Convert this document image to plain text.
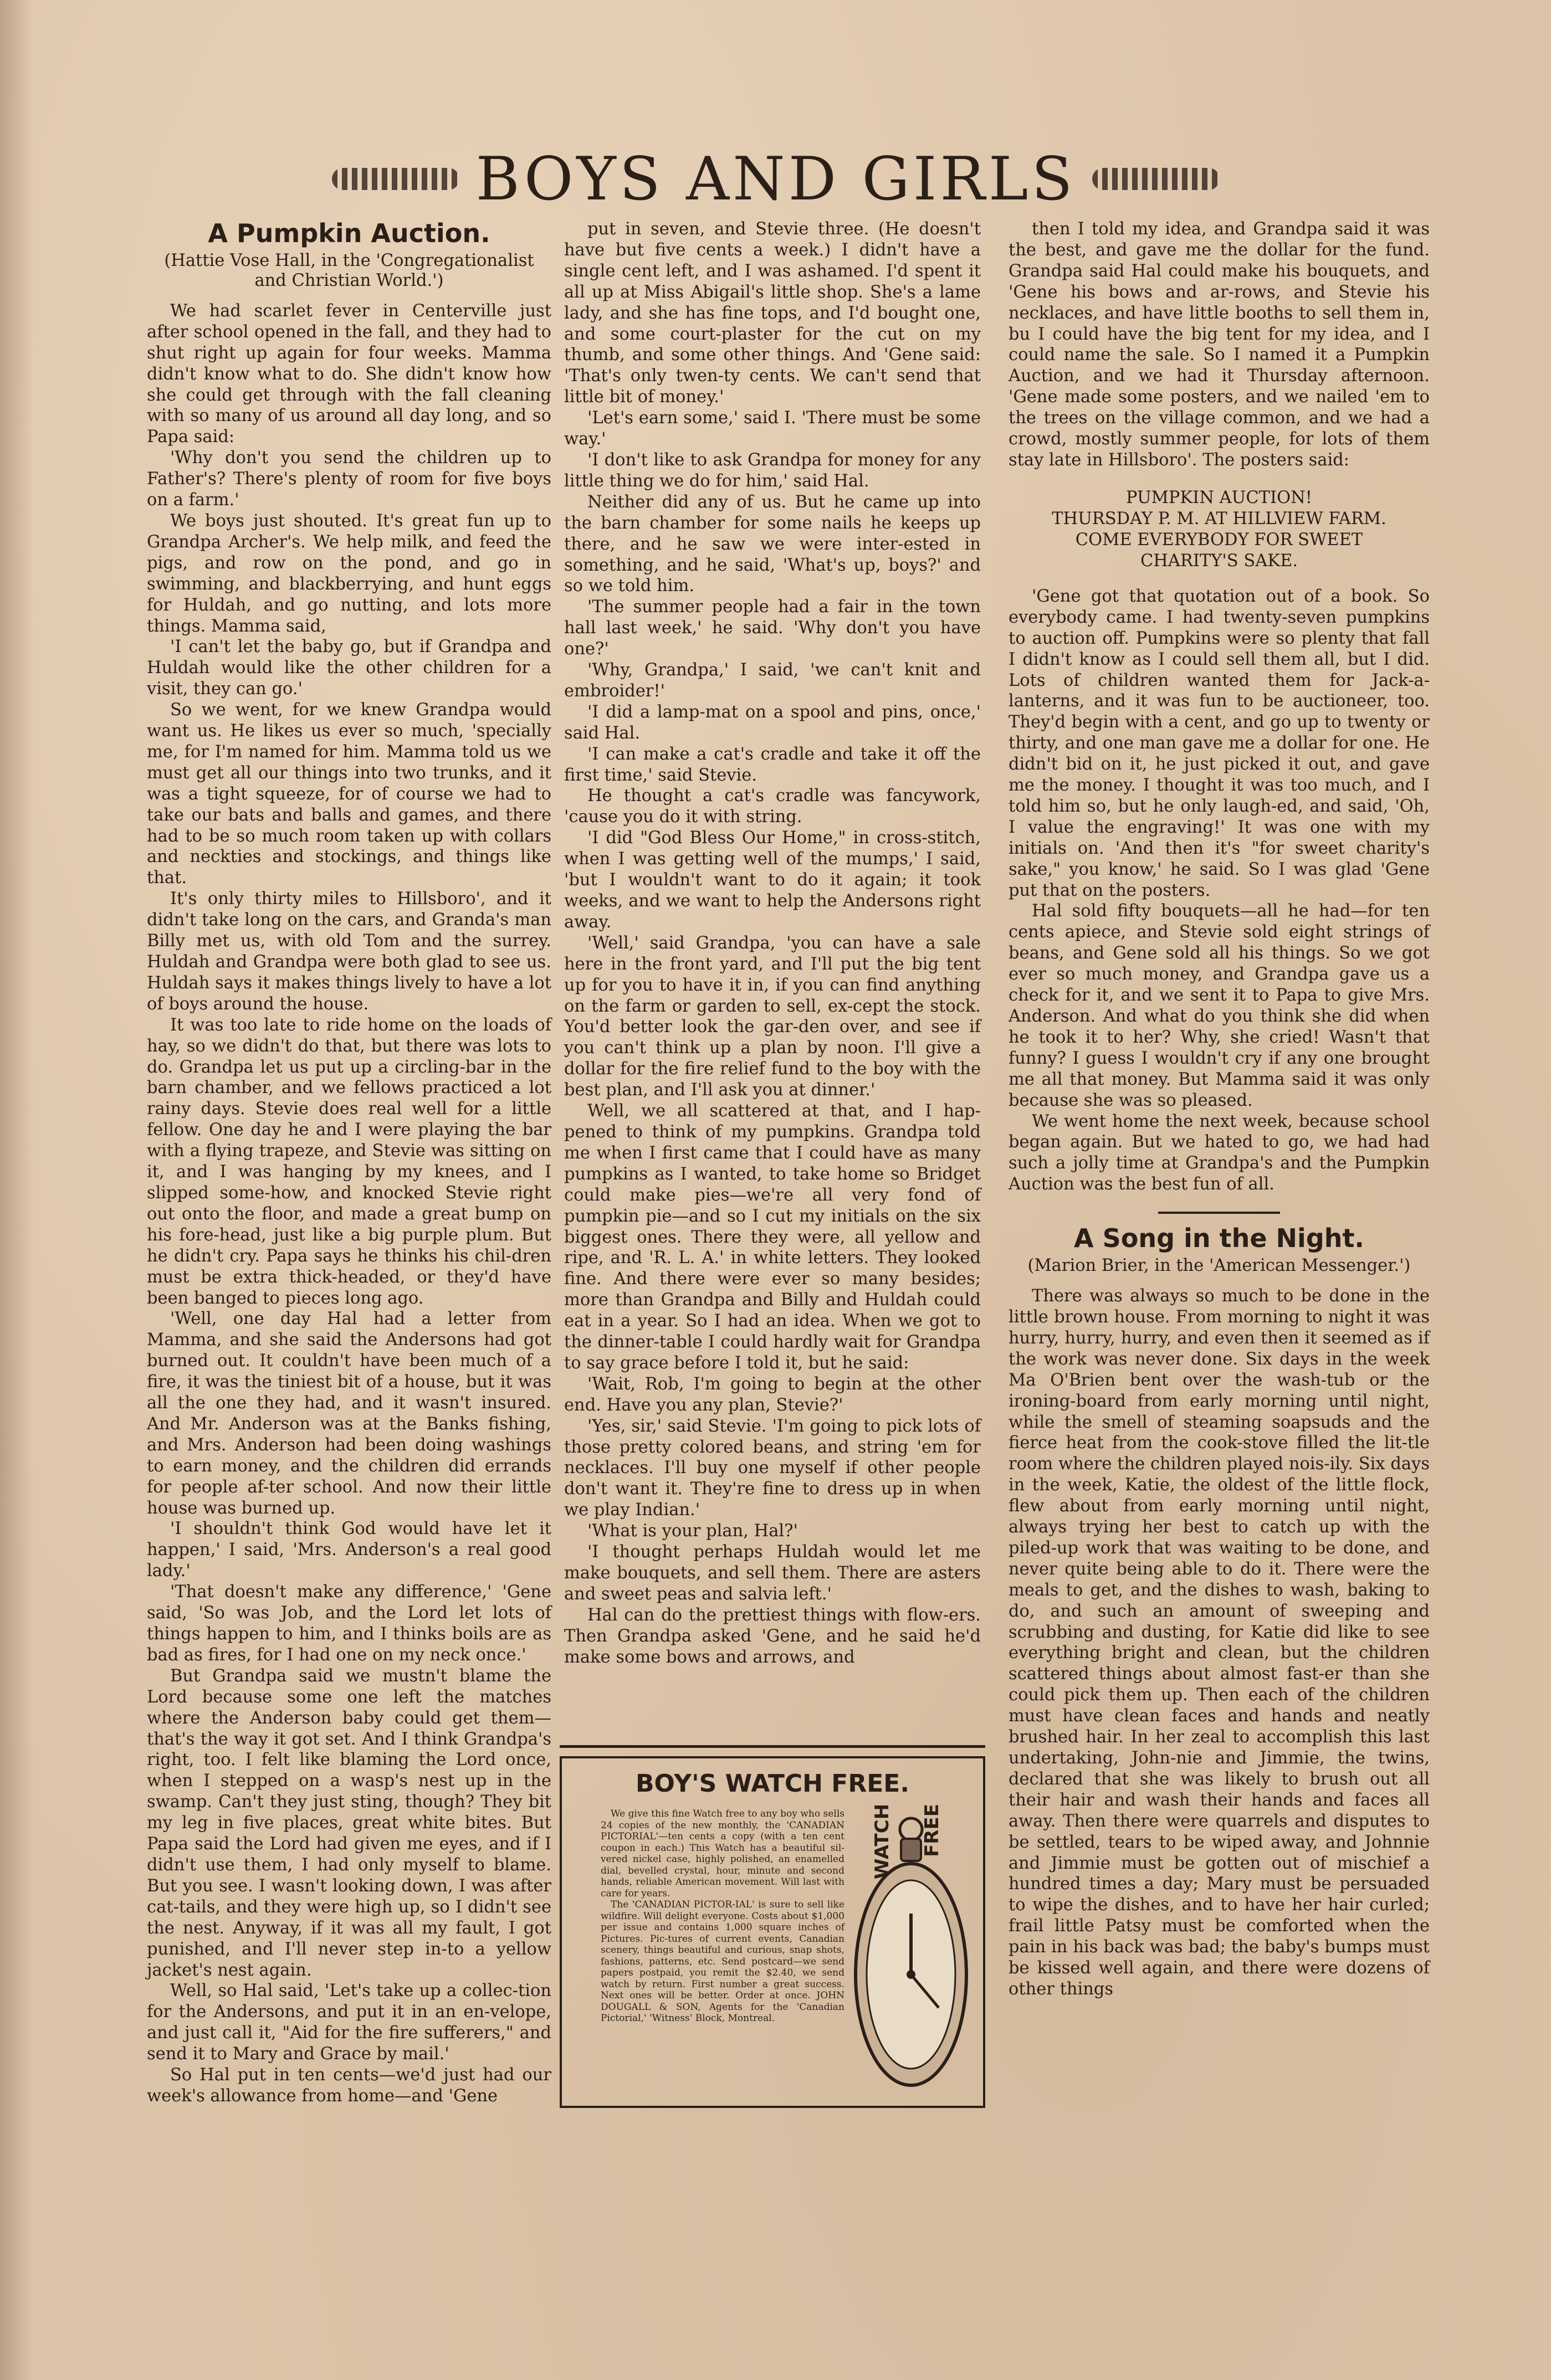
BOYS AND GIRLS
A Pumpkin Auction.
(Hattie Vose Hall, in the 'Congregationalist and Christian World.')

We had scarlet fever in Centerville just after school opened in the fall, and they had to shut right up again for four weeks. Mamma didn't know what to do. She didn't know how she could get through with the fall cleaning with so many of us around all day long, and so Papa said:

'Why don't you send the children up to Father's? There's plenty of room for five boys on a farm.'

We boys just shouted. It's great fun up to Grandpa Archer's. We help milk, and feed the pigs, and row on the pond, and go in swimming, and blackberrying, and hunt eggs for Huldah, and go nutting, and lots more things. Mamma said,

'I can't let the baby go, but if Grandpa and Huldah would like the other children for a visit, they can go.'

So we went, for we knew Grandpa would want us. He likes us ever so much, 'specially me, for I'm named for him. Mamma told us we must get all our things into two trunks, and it was a tight squeeze, for of course we had to take our bats and balls and games, and there had to be so much room taken up with collars and neckties and stockings, and things like that.

It's only thirty miles to Hillsboro', and it didn't take long on the cars, and Granda's man Billy met us, with old Tom and the surrey. Huldah and Grandpa were both glad to see us. Huldah says it makes things lively to have a lot of boys around the house.

It was too late to ride home on the loads of hay, so we didn't do that, but there was lots to do. Grandpa let us put up a circling-bar in the barn chamber, and we fellows practiced a lot rainy days. Stevie does real well for a little fellow. One day he and I were playing the bar with a flying trapeze, and Stevie was sitting on it, and I was hanging by my knees, and I slipped some-how, and knocked Stevie right out onto the floor, and made a great bump on his fore-head, just like a big purple plum. But he didn't cry. Papa says he thinks his chil-dren must be extra thick-headed, or they'd have been banged to pieces long ago.

'Well, one day Hal had a letter from Mamma, and she said the Andersons had got burned out. It couldn't have been much of a fire, it was the tiniest bit of a house, but it was all the one they had, and it wasn't insured. And Mr. Anderson was at the Banks fishing, and Mrs. Anderson had been doing washings to earn money, and the children did errands for people af-ter school. And now their little house was burned up.

'I shouldn't think God would have let it happen,' I said, 'Mrs. Anderson's a real good lady.'

'That doesn't make any difference,' 'Gene said, 'So was Job, and the Lord let lots of things happen to him, and I thinks boils are as bad as fires, for I had one on my neck once.'

But Grandpa said we mustn't blame the Lord because some one left the matches where the Anderson baby could get them—that's the way it got set. And I think Grandpa's right, too. I felt like blaming the Lord once, when I stepped on a wasp's nest up in the swamp. Can't they just sting, though? They bit my leg in five places, great white bites. But Papa said the Lord had given me eyes, and if I didn't use them, I had only myself to blame. But you see. I wasn't looking down, I was after cat-tails, and they were high up, so I didn't see the nest. Anyway, if it was all my fault, I got punished, and I'll never step in-to a yellow jacket's nest again.

Well, so Hal said, 'Let's take up a collec-tion for the Andersons, and put it in an en-velope, and just call it, "Aid for the fire sufferers," and send it to Mary and Grace by mail.'

So Hal put in ten cents—we'd just had our week's allowance from home—and 'Gene

put in seven, and Stevie three. (He doesn't have but five cents a week.) I didn't have a single cent left, and I was ashamed. I'd spent it all up at Miss Abigail's little shop. She's a lame lady, and she has fine tops, and I'd bought one, and some court-plaster for the cut on my thumb, and some other things. And 'Gene said: 'That's only twen-ty cents. We can't send that little bit of money.'

'Let's earn some,' said I. 'There must be some way.'

'I don't like to ask Grandpa for money for any little thing we do for him,' said Hal.

Neither did any of us. But he came up into the barn chamber for some nails he keeps up there, and he saw we were inter-ested in something, and he said, 'What's up, boys?' and so we told him.

'The summer people had a fair in the town hall last week,' he said. 'Why don't you have one?'

'Why, Grandpa,' I said, 'we can't knit and embroider!'

'I did a lamp-mat on a spool and pins, once,' said Hal.

'I can make a cat's cradle and take it off the first time,' said Stevie.

He thought a cat's cradle was fancywork, 'cause you do it with string.

'I did "God Bless Our Home," in cross-stitch, when I was getting well of the mumps,' I said, 'but I wouldn't want to do it again; it took weeks, and we want to help the Andersons right away.

'Well,' said Grandpa, 'you can have a sale here in the front yard, and I'll put the big tent up for you to have it in, if you can find anything on the farm or garden to sell, ex-cept the stock. You'd better look the gar-den over, and see if you can't think up a plan by noon. I'll give a dollar for the fire relief fund to the boy with the best plan, and I'll ask you at dinner.'

Well, we all scattered at that, and I hap-pened to think of my pumpkins. Grandpa told me when I first came that I could have as many pumpkins as I wanted, to take home so Bridget could make pies—we're all very fond of pumpkin pie—and so I cut my initials on the six biggest ones. There they were, all yellow and ripe, and 'R. L. A.' in white letters. They looked fine. And there were ever so many besides; more than Grandpa and Billy and Huldah could eat in a year. So I had an idea. When we got to the dinner-table I could hardly wait for Grandpa to say grace before I told it, but he said:

'Wait, Rob, I'm going to begin at the other end. Have you any plan, Stevie?'

'Yes, sir,' said Stevie. 'I'm going to pick lots of those pretty colored beans, and string 'em for necklaces. I'll buy one myself if other people don't want it. They're fine to dress up in when we play Indian.'

'What is your plan, Hal?'

'I thought perhaps Huldah would let me make bouquets, and sell them. There are asters and sweet peas and salvia left.'

Hal can do the prettiest things with flow-ers. Then Grandpa asked 'Gene, and he said he'd make some bows and arrows, and

then I told my idea, and Grandpa said it was the best, and gave me the dollar for the fund. Grandpa said Hal could make his bouquets, and 'Gene his bows and ar-rows, and Stevie his necklaces, and have little booths to sell them in, bu I could have the big tent for my idea, and I could name the sale. So I named it a Pumpkin Auction, and we had it Thursday afternoon. 'Gene made some posters, and we nailed 'em to the trees on the village common, and we had a crowd, mostly summer people, for lots of them stay late in Hillsboro'. The posters said:

PUMPKIN AUCTION!
THURSDAY P. M. AT HILLVIEW FARM.
COME EVERYBODY FOR SWEET
CHARITY'S SAKE.

'Gene got that quotation out of a book. So everybody came. I had twenty-seven pumpkins to auction off. Pumpkins were so plenty that fall I didn't know as I could sell them all, but I did. Lots of children wanted them for Jack-a-lanterns, and it was fun to be auctioneer, too. They'd begin with a cent, and go up to twenty or thirty, and one man gave me a dollar for one. He didn't bid on it, he just picked it out, and gave me the money. I thought it was too much, and I told him so, but he only laugh-ed, and said, 'Oh, I value the engraving!' It was one with my initials on. 'And then it's "for sweet charity's sake," you know,' he said. So I was glad 'Gene put that on the posters.

Hal sold fifty bouquets—all he had—for ten cents apiece, and Stevie sold eight strings of beans, and Gene sold all his things. So we got ever so much money, and Grandpa gave us a check for it, and we sent it to Papa to give Mrs. Anderson. And what do you think she did when he took it to her? Why, she cried! Wasn't that funny? I guess I wouldn't cry if any one brought me all that money. But Mamma said it was only because she was so pleased.

We went home the next week, because school began again. But we hated to go, we had had such a jolly time at Grandpa's and the Pumpkin Auction was the best fun of all.

A Song in the Night.
(Marion Brier, in the 'American Messenger.')

There was always so much to be done in the little brown house. From morning to night it was hurry, hurry, hurry, and even then it seemed as if the work was never done. Six days in the week Ma O'Brien bent over the wash-tub or the ironing-board from early morning until night, while the smell of steaming soapsuds and the fierce heat from the cook-stove filled the lit-tle room where the children played nois-ily. Six days in the week, Katie, the oldest of the little flock, flew about from early morning until night, always trying her best to catch up with the piled-up work that was waiting to be done, and never quite being able to do it. There were the meals to get, and the dishes to wash, baking to do, and such an amount of sweeping and scrubbing and dusting, for Katie did like to see everything bright and clean, but the children scattered things about almost fast-er than she could pick them up. Then each of the children must have clean faces and hands and neatly brushed hair. In her zeal to accomplish this last undertaking, John-nie and Jimmie, the twins, declared that she was likely to brush out all their hair and wash their hands and faces all away. Then there were quarrels and disputes to be settled, tears to be wiped away, and Johnnie and Jimmie must be gotten out of mischief a hundred times a day; Mary must be persuaded to wipe the dishes, and to have her hair curled; frail little Patsy must be comforted when the pain in his back was bad; the baby's bumps must be kissed well again, and there were dozens of other things

BOY'S WATCH FREE.

We give this fine Watch free to any boy who sells 24 copies of the new monthly, the 'CANADIAN PICTORIAL'—ten cents a copy (with a ten cent coupon in each.) This Watch has a beautiful sil-vered nickel case, highly polished, an enamelled dial, bevelled crystal, hour, minute and second hands, reliable American movement. Will last with care for years.

The 'CANADIAN PICTOR-IAL' is sure to sell like wildfire. Will delight everyone. Costs about $1,000 per issue and contains 1,000 square inches of Pictures. Pic-tures of current events, Canadian scenery, things beautiful and curious, snap shots, fashions, patterns, etc. Send postcard—we send papers postpaid, you remit the $2.40, we send watch by return. First number a great success. Next ones will be better. Order at once. JOHN DOUGALL & SON, Agents for the 'Canadian Pictorial,' 'Witness' Block, Montreal.

WATCH FREE
